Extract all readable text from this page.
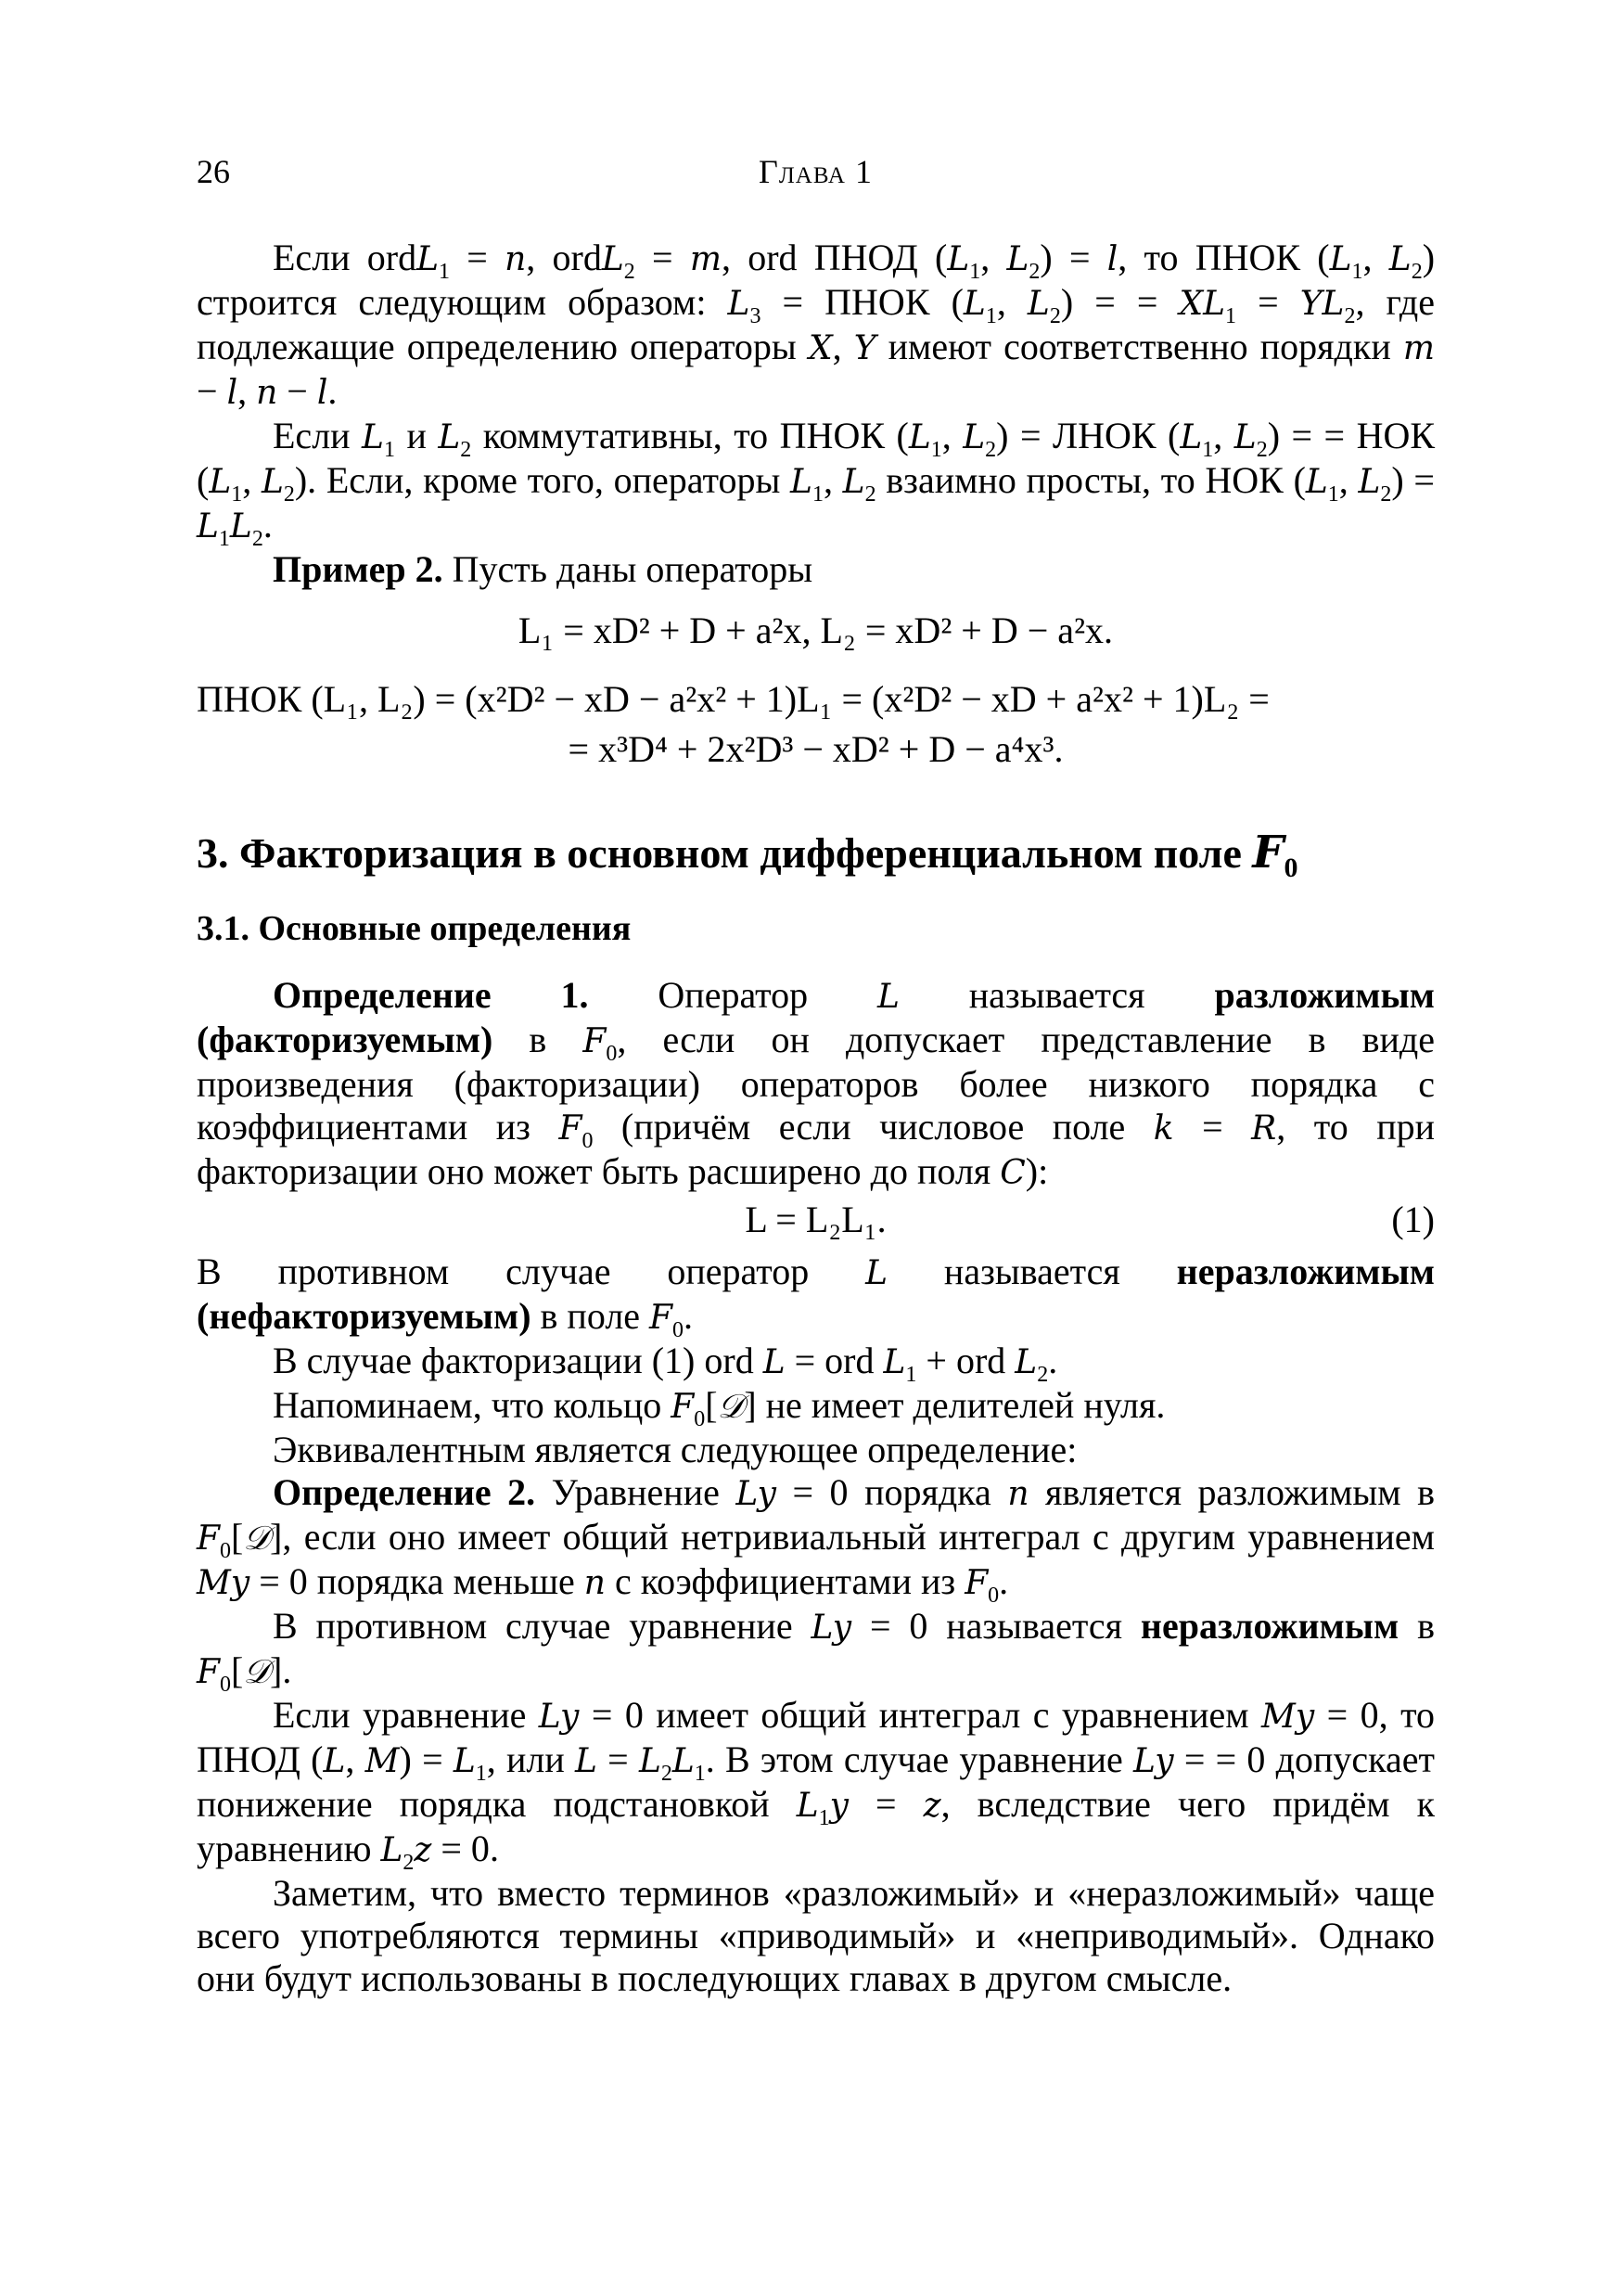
26	Глава 1

Если ordL$_1$ = n, ordL$_2$ = m, ord ПНОД ($L_1$, $L_2) = l$, то ПНОК ($L_1$, $L_2$) строится следующим образом: $L_3$ = ПНОК ($L_1$, $L_2$) = = $XL_1 = YL_2$, где подлежащие определению операторы X, Y имеют соответственно порядки m − l, n − l.

Если $L_1$ и $L_2$ коммутативны, то ПНОК ($L_1$, $L_2$) = ЛНОК ($L_1$, $L_2$) = = НОК ($L_1$, $L_2$). Если, кроме того, операторы $L_1$, $L_2$ взаимно просты, то НОК ($L_1$, $L_2) = L_1L_2$.

Пример 2. Пусть даны операторы

L₁ = xD² + D + a²x, L₂ = xD² + D − a²x.
ПНОК (L₁, L₂) = (x²D² − xD − a²x² + 1)L₁ = (x²D² − xD + a²x² + 1)L₂ =
= x³D⁴ + 2x²D³ − xD² + D − a⁴x³.
3. Факторизация в основном дифференциальном поле $F_0$
3.1. Основные определения

Определение 1. Оператор L называется разложимым (факторизуемым) в $F_0$, если он допускает представление в виде произведения (факторизации) операторов более низкого порядка с коэффициентами из $F_0$ (причём если числовое поле k = R, то при факторизации оно может быть расширено до поля C):

L = L₂L₁.	(1)

В противном случае оператор L называется неразложимым (нефакторизуемым) в поле $F_0$.

В случае факторизации (1) ord L = ord $L_1$ + ord $L_2$.

Напоминаем, что кольцо $F_0[𝒟]$ не имеет делителей нуля.

Эквивалентным является следующее определение:

Определение 2. Уравнение Ly = 0 порядка n является разложимым в $F_0[𝒟]$, если оно имеет общий нетривиальный интеграл с другим уравнением My = 0 порядка меньше n с коэффициентами из $F_0$.

В противном случае уравнение Ly = 0 называется неразложимым в $F_0[𝒟]$.

Если уравнение Ly = 0 имеет общий интеграл с уравнением My = 0, то ПНОД (L, $M) = L_1$, или $L = L_2L_1$. В этом случае уравнение Ly = = 0 допускает понижение порядка подстановкой $L_1y = z$, вследствие чего придём к уравнению $L_2z = 0$.

Заметим, что вместо терминов «разложимый» и «неразложимый» чаще всего употребляются термины «приводимый» и «неприводимый». Однако они будут использованы в последующих главах в другом смысле.
